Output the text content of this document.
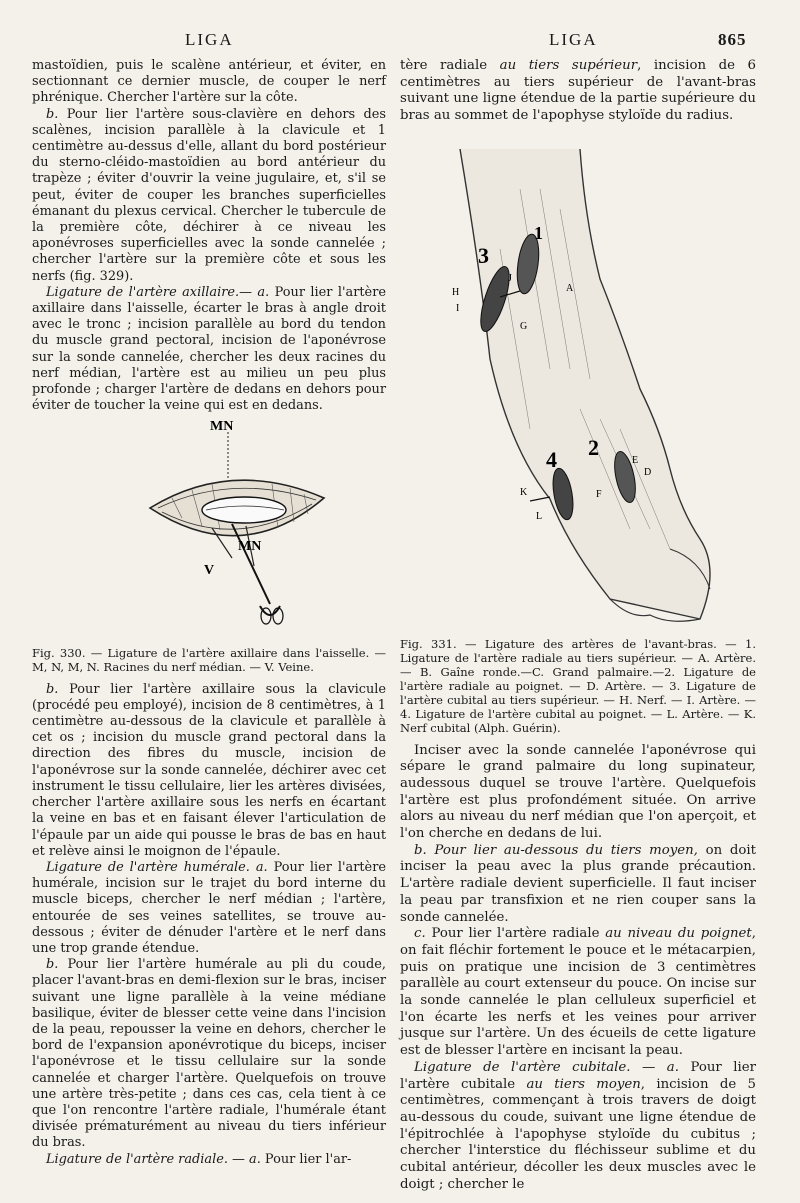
LIGA	LIGA	865

mastoïdien, puis le scalène antérieur, et éviter, en sectionnant ce dernier muscle, de couper le nerf phrénique. Chercher l'artère sur la côte.

b. Pour lier l'artère sous-clavière en dehors des scalènes, incision parallèle à la clavicule et 1 centimètre au-dessus d'elle, allant du bord postérieur du sterno-cléido-mastoïdien au bord antérieur du trapèze ; éviter d'ouvrir la veine jugulaire, et, s'il se peut, éviter de couper les branches superficielles émanant du plexus cervical. Chercher le tubercule de la première côte, déchirer à ce niveau les aponévroses superficielles avec la sonde cannelée ; chercher l'artère sur la première côte et sous les nerfs (fig. 329).

Ligature de l'artère axillaire.— a. Pour lier l'artère axillaire dans l'aisselle, écarter le bras à angle droit avec le tronc ; incision parallèle au bord du tendon du muscle grand pectoral, incision de l'aponévrose sur la sonde cannelée, chercher les deux racines du nerf médian, l'artère est au milieu un peu plus profonde ; charger l'artère de dedans en dehors pour éviter de toucher la veine qui est en dedans.

MN
MN
V
Fig. 330. — Ligature de l'artère axillaire dans l'aisselle. — M, N, M, N. Racines du nerf médian. — V. Veine.

b. Pour lier l'artère axillaire sous la clavicule (procédé peu employé), incision de 8 centimètres, à 1 centimètre au-dessous de la clavicule et parallèle à cet os ; incision du muscle grand pectoral dans la direction des fibres du muscle, incision de l'aponévrose sur la sonde cannelée, déchirer avec cet instrument le tissu cellulaire, lier les artères divisées, chercher l'artère axillaire sous les nerfs en écartant la veine en bas et en faisant élever l'articulation de l'épaule par un aide qui pousse le bras de bas en haut et relève ainsi le moignon de l'épaule.

Ligature de l'artère humérale. a. Pour lier l'artère humérale, incision sur le trajet du bord interne du muscle biceps, chercher le nerf médian ; l'artère, entourée de ses veines satellites, se trouve au-dessous ; éviter de dénuder l'artère et le nerf dans une trop grande étendue.

b. Pour lier l'artère humérale au pli du coude, placer l'avant-bras en demi-flexion sur le bras, inciser suivant une ligne parallèle à la veine médiane basilique, éviter de blesser cette veine dans l'incision de la peau, repousser la veine en dehors, chercher le bord de l'expansion aponévrotique du biceps, inciser l'aponévrose et le tissu cellulaire sur la sonde cannelée et charger l'artère. Quelquefois on trouve une artère très-petite ; dans ces cas, cela tient à ce que l'on rencontre l'artère radiale, l'humérale étant divisée prématurément au niveau du tiers inférieur du bras.

Ligature de l'artère radiale. — a. Pour lier l'ar-

tère radiale au tiers supérieur, incision de 6 centimètres au tiers supérieur de l'avant-bras suivant une ligne étendue de la partie supérieure du bras au sommet de l'apophyse styloïde du radius.

3
1
4 2
H
I
J
G
A
K
L
F
D
E
Fig. 331. — Ligature des artères de l'avant-bras. — 1. Ligature de l'artère radiale au tiers supérieur. — A. Artère. — B. Gaîne ronde.—C. Grand palmaire.—2. Ligature de l'artère radiale au poignet. — D. Artère. — 3. Ligature de l'artère cubital au tiers supérieur. — H. Nerf. — I. Artère. — 4. Ligature de l'artère cubital au poignet. — L. Artère. — K. Nerf cubital (Alph. Guérin).

Inciser avec la sonde cannelée l'aponévrose qui sépare le grand palmaire du long supinateur, audessous duquel se trouve l'artère. Quelquefois l'artère est plus profondément située. On arrive alors au niveau du nerf médian que l'on aperçoit, et l'on cherche en dedans de lui.

b. Pour lier au-dessous du tiers moyen, on doit inciser la peau avec la plus grande précaution. L'artère radiale devient superficielle. Il faut inciser la peau par transfixion et ne rien couper sans la sonde cannelée.

c. Pour lier l'artère radiale au niveau du poignet, on fait fléchir fortement le pouce et le métacarpien, puis on pratique une incision de 3 centimètres parallèle au court extenseur du pouce. On incise sur la sonde cannelée le plan celluleux superficiel et l'on écarte les nerfs et les veines pour arriver jusque sur l'artère. Un des écueils de cette ligature est de blesser l'artère en incisant la peau.

Ligature de l'artère cubitale. — a. Pour lier l'artère cubitale au tiers moyen, incision de 5 centimètres, commençant à trois travers de doigt au-dessous du coude, suivant une ligne étendue de l'épitrochlée à l'apophyse styloïde du cubitus ; chercher l'interstice du fléchisseur sublime et du cubital antérieur, décoller les deux muscles avec le doigt ; chercher le
